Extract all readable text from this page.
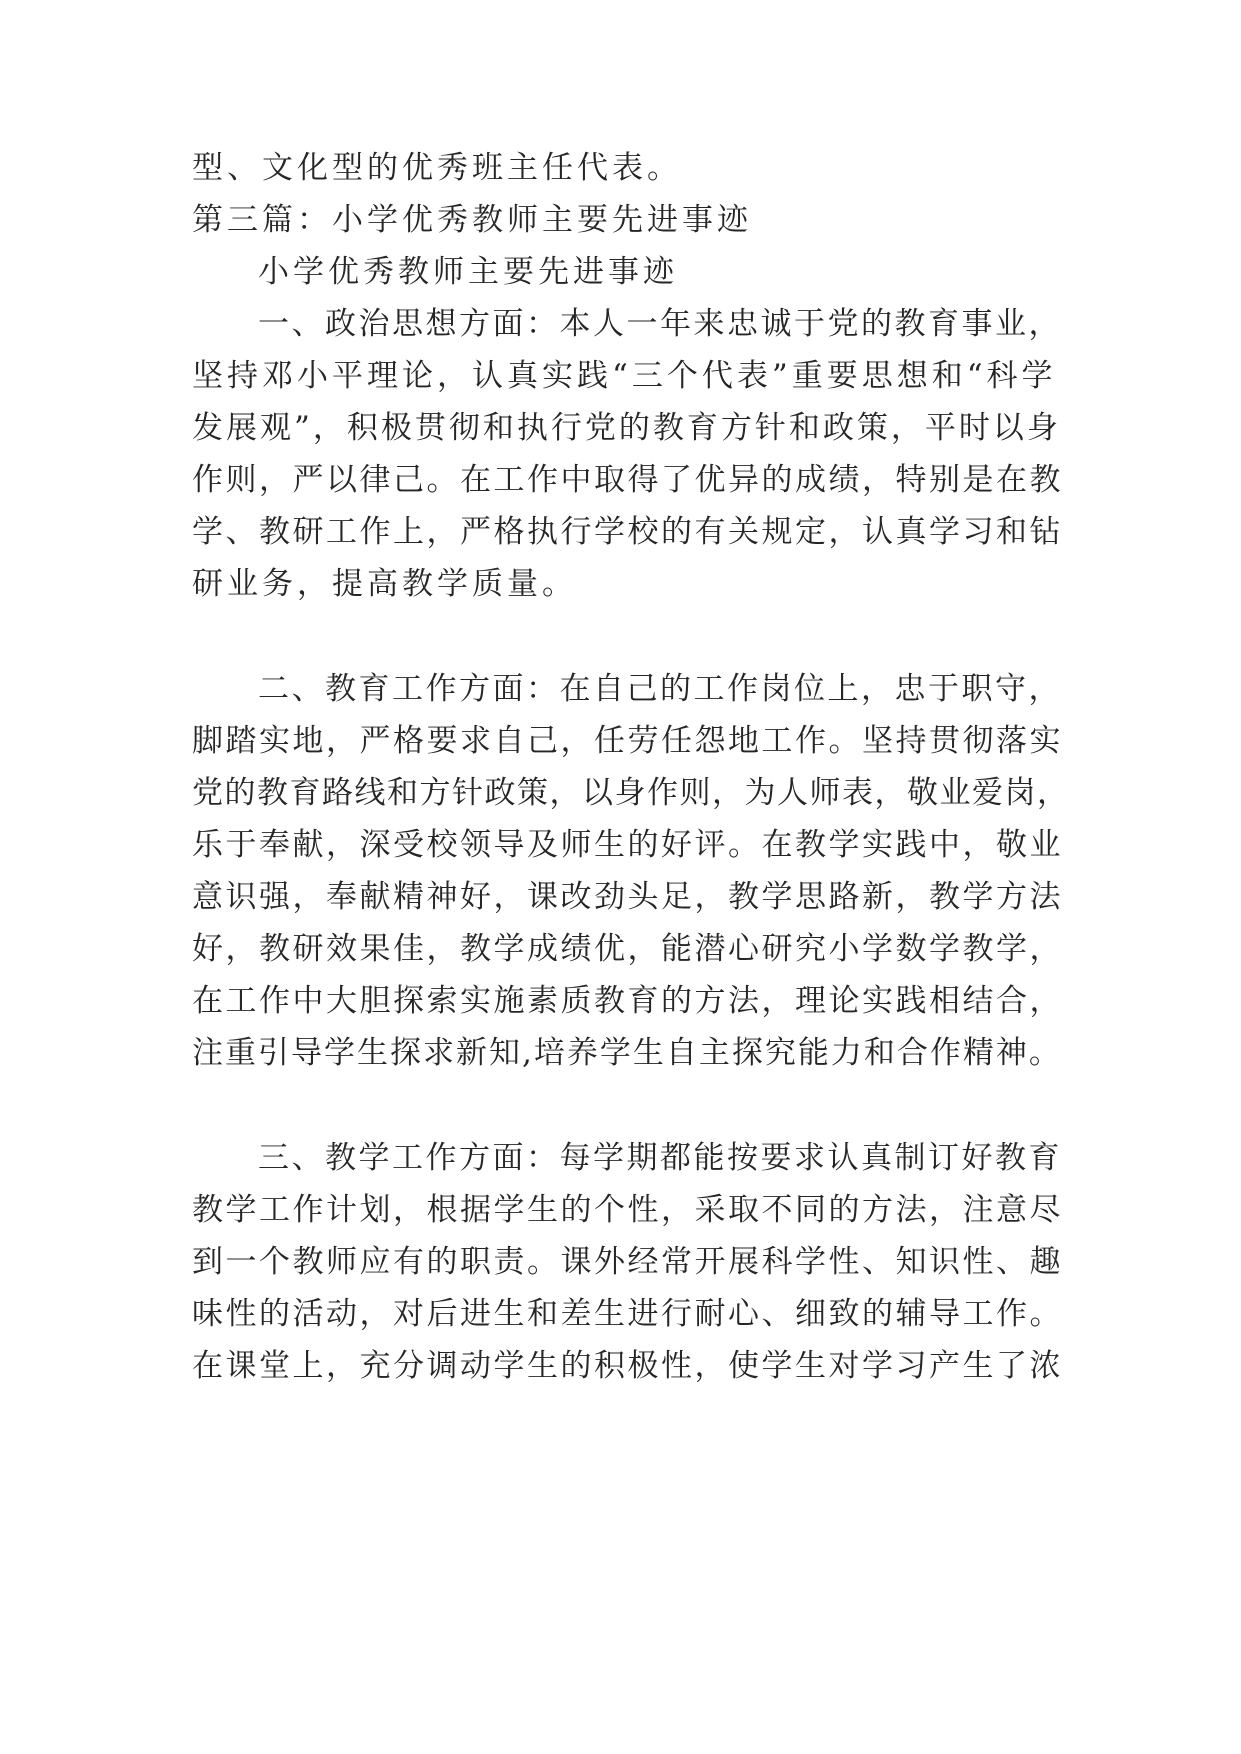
型、文化型的优秀班主任代表。
第三篇：小学优秀教师主要先进事迹
小学优秀教师主要先进事迹
一、政治思想方面：本人一年来忠诚于党的教育事业，
坚持邓小平理论，认真实践“三个代表”重要思想和“科学
发展观”，积极贯彻和执行党的教育方针和政策，平时以身
作则，严以律己。在工作中取得了优异的成绩，特别是在教
学、教研工作上，严格执行学校的有关规定，认真学习和钻
研业务，提高教学质量。
二、教育工作方面：在自己的工作岗位上，忠于职守，
脚踏实地，严格要求自己，任劳任怨地工作。坚持贯彻落实
党的教育路线和方针政策，以身作则，为人师表，敬业爱岗，
乐于奉献，深受校领导及师生的好评。在教学实践中，敬业
意识强，奉献精神好，课改劲头足，教学思路新，教学方法
好，教研效果佳，教学成绩优，能潜心研究小学数学教学，
在工作中大胆探索实施素质教育的方法，理论实践相结合，
注重引导学生探求新知,培养学生自主探究能力和合作精神。
三、教学工作方面：每学期都能按要求认真制订好教育
教学工作计划，根据学生的个性，采取不同的方法，注意尽
到一个教师应有的职责。课外经常开展科学性、知识性、趣
味性的活动，对后进生和差生进行耐心、细致的辅导工作。
在课堂上，充分调动学生的积极性，使学生对学习产生了浓
